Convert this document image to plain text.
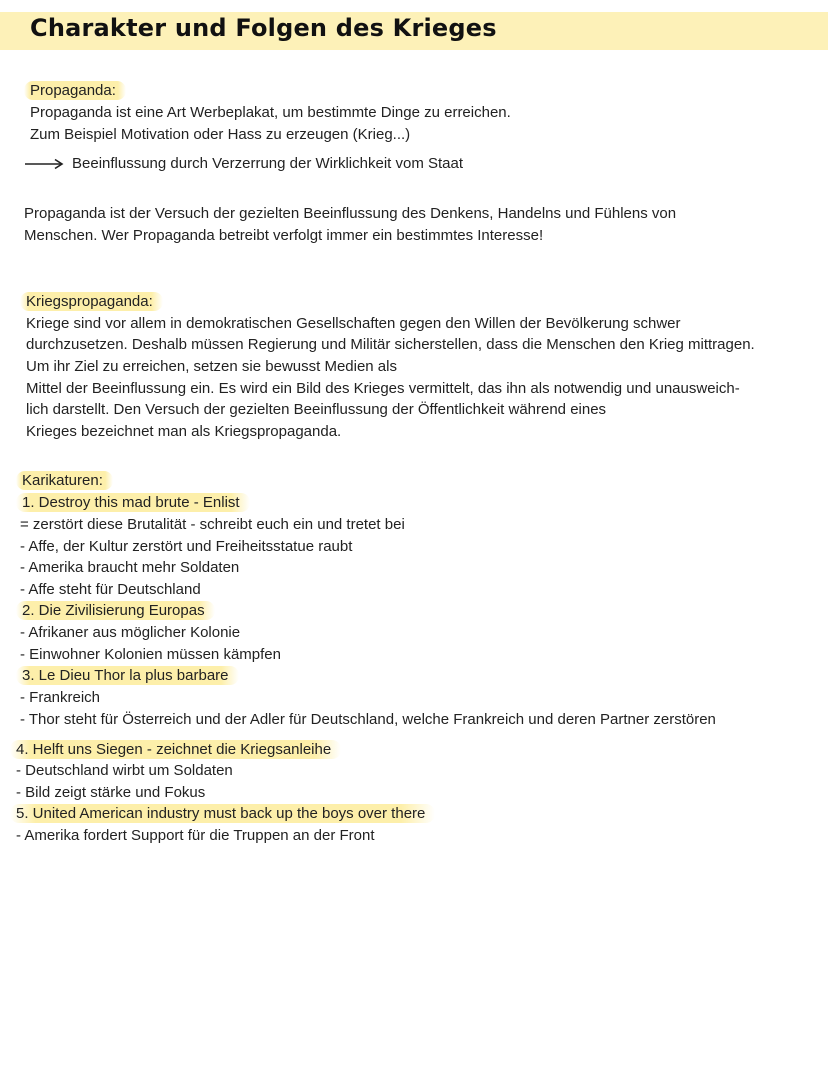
Charakter und Folgen des Krieges
Propaganda:
Propaganda ist eine Art Werbeplakat, um bestimmte Dinge zu erreichen.
Zum Beispiel Motivation oder Hass zu erzeugen (Krieg...)
Beeinflussung durch Verzerrung der Wirklichkeit vom Staat
Propaganda ist der Versuch der gezielten Beeinflussung des Denkens, Handelns und Fühlens von
Menschen. Wer Propaganda betreibt verfolgt immer ein bestimmtes Interesse!
Kriegspropaganda:
Kriege sind vor allem in demokratischen Gesellschaften gegen den Willen der Bevölkerung schwer
durchzusetzen. Deshalb müssen Regierung und Militär sicherstellen, dass die Menschen den Krieg mittragen.
Um ihr Ziel zu erreichen, setzen sie bewusst Medien als
Mittel der Beeinflussung ein. Es wird ein Bild des Krieges vermittelt, das ihn als notwendig und unausweich-
lich darstellt. Den Versuch der gezielten Beeinflussung der Öffentlichkeit während eines
Krieges bezeichnet man als Kriegspropaganda.
Karikaturen:
1. Destroy this mad brute - Enlist
= zerstört diese Brutalität - schreibt euch ein und tretet bei
- Affe, der Kultur zerstört und Freiheitsstatue raubt
- Amerika braucht mehr Soldaten
- Affe steht für Deutschland
2. Die Zivilisierung Europas
- Afrikaner aus möglicher Kolonie
- Einwohner Kolonien müssen kämpfen
3. Le Dieu Thor la plus barbare
- Frankreich
- Thor steht für Österreich und der Adler für Deutschland, welche Frankreich und deren Partner zerstören
4. Helft uns Siegen - zeichnet die Kriegsanleihe
- Deutschland wirbt um Soldaten
- Bild zeigt stärke und Fokus
5. United American industry must back up the boys over there
- Amerika fordert Support für die Truppen an der Front
